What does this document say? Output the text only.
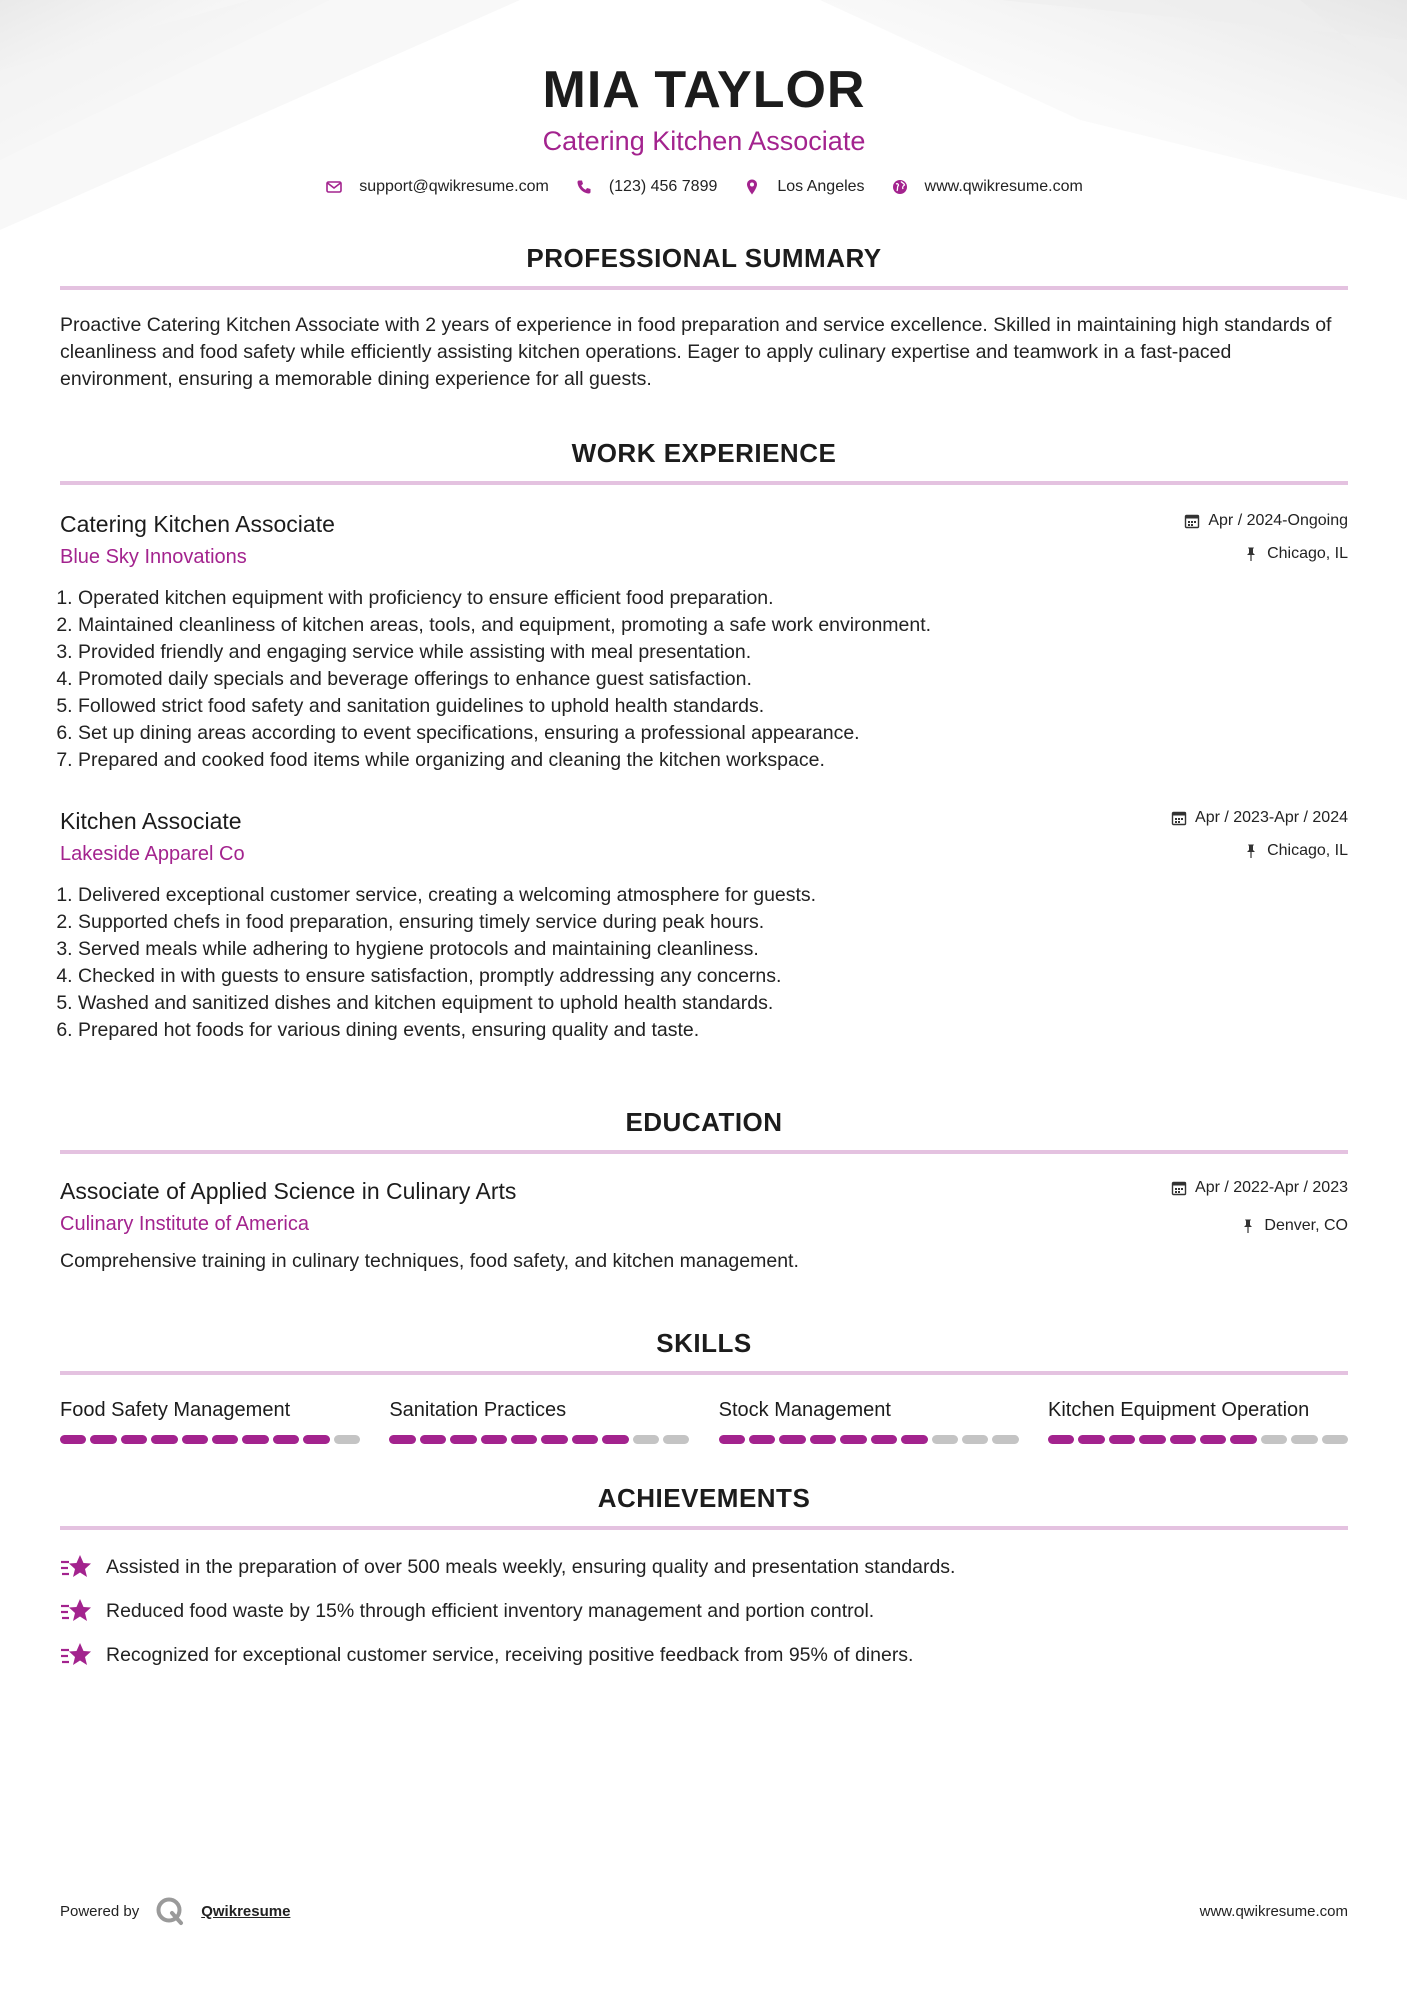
MIA TAYLOR
Catering Kitchen Associate
support@qwikresume.com	(123) 456 7899	Los Angeles	www.qwikresume.com
PROFESSIONAL SUMMARY
Proactive Catering Kitchen Associate with 2 years of experience in food preparation and service excellence. Skilled in maintaining high standards of cleanliness and food safety while efficiently assisting kitchen operations. Eager to apply culinary expertise and teamwork in a fast-paced environment, ensuring a memorable dining experience for all guests.
WORK EXPERIENCE
Catering Kitchen Associate
Blue Sky Innovations
Apr / 2024-Ongoing
Chicago, IL
1. Operated kitchen equipment with proficiency to ensure efficient food preparation.
2. Maintained cleanliness of kitchen areas, tools, and equipment, promoting a safe work environment.
3. Provided friendly and engaging service while assisting with meal presentation.
4. Promoted daily specials and beverage offerings to enhance guest satisfaction.
5. Followed strict food safety and sanitation guidelines to uphold health standards.
6. Set up dining areas according to event specifications, ensuring a professional appearance.
7. Prepared and cooked food items while organizing and cleaning the kitchen workspace.
Kitchen Associate
Lakeside Apparel Co
Apr / 2023-Apr / 2024
Chicago, IL
1. Delivered exceptional customer service, creating a welcoming atmosphere for guests.
2. Supported chefs in food preparation, ensuring timely service during peak hours.
3. Served meals while adhering to hygiene protocols and maintaining cleanliness.
4. Checked in with guests to ensure satisfaction, promptly addressing any concerns.
5. Washed and sanitized dishes and kitchen equipment to uphold health standards.
6. Prepared hot foods for various dining events, ensuring quality and taste.
EDUCATION
Associate of Applied Science in Culinary Arts
Culinary Institute of America
Apr / 2022-Apr / 2023
Denver, CO
Comprehensive training in culinary techniques, food safety, and kitchen management.
SKILLS
Food Safety Management	Sanitation Practices	Stock Management	Kitchen Equipment Operation
ACHIEVEMENTS
Assisted in the preparation of over 500 meals weekly, ensuring quality and presentation standards.
Reduced food waste by 15% through efficient inventory management and portion control.
Recognized for exceptional customer service, receiving positive feedback from 95% of diners.
Powered by	Qwikresume	www.qwikresume.com
